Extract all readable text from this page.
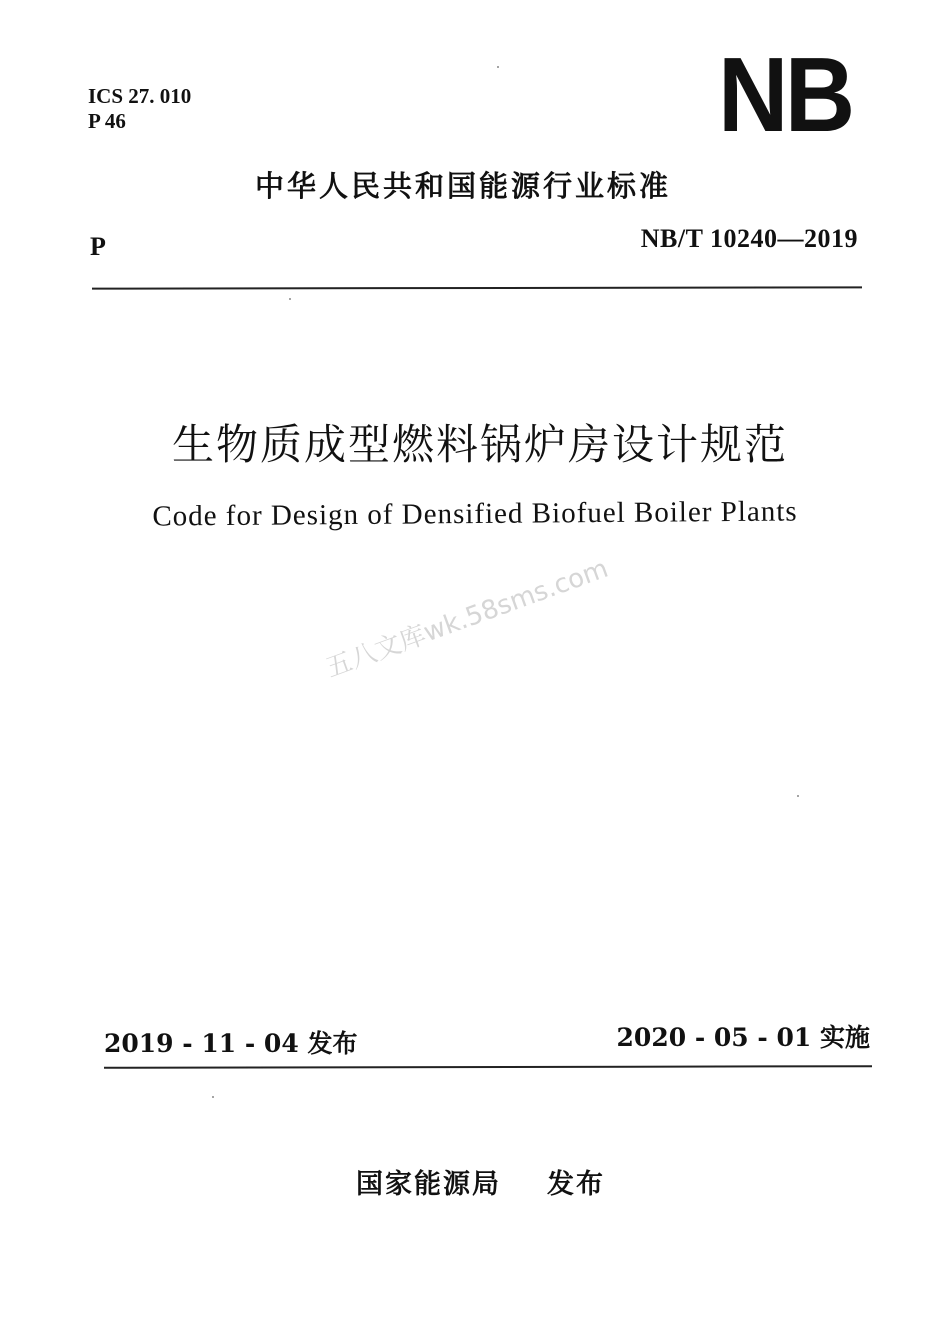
ICS 27. 010
P 46	NB
中华人民共和国能源行业标准
P	NB/T 10240—2019
生物质成型燃料锅炉房设计规范
Code for Design of Densified Biofuel Boiler Plants
五八文库wk.58sms.com
2019 - 11 - 04 发布	2020 - 05 - 01 实施
国家能源局 发布
